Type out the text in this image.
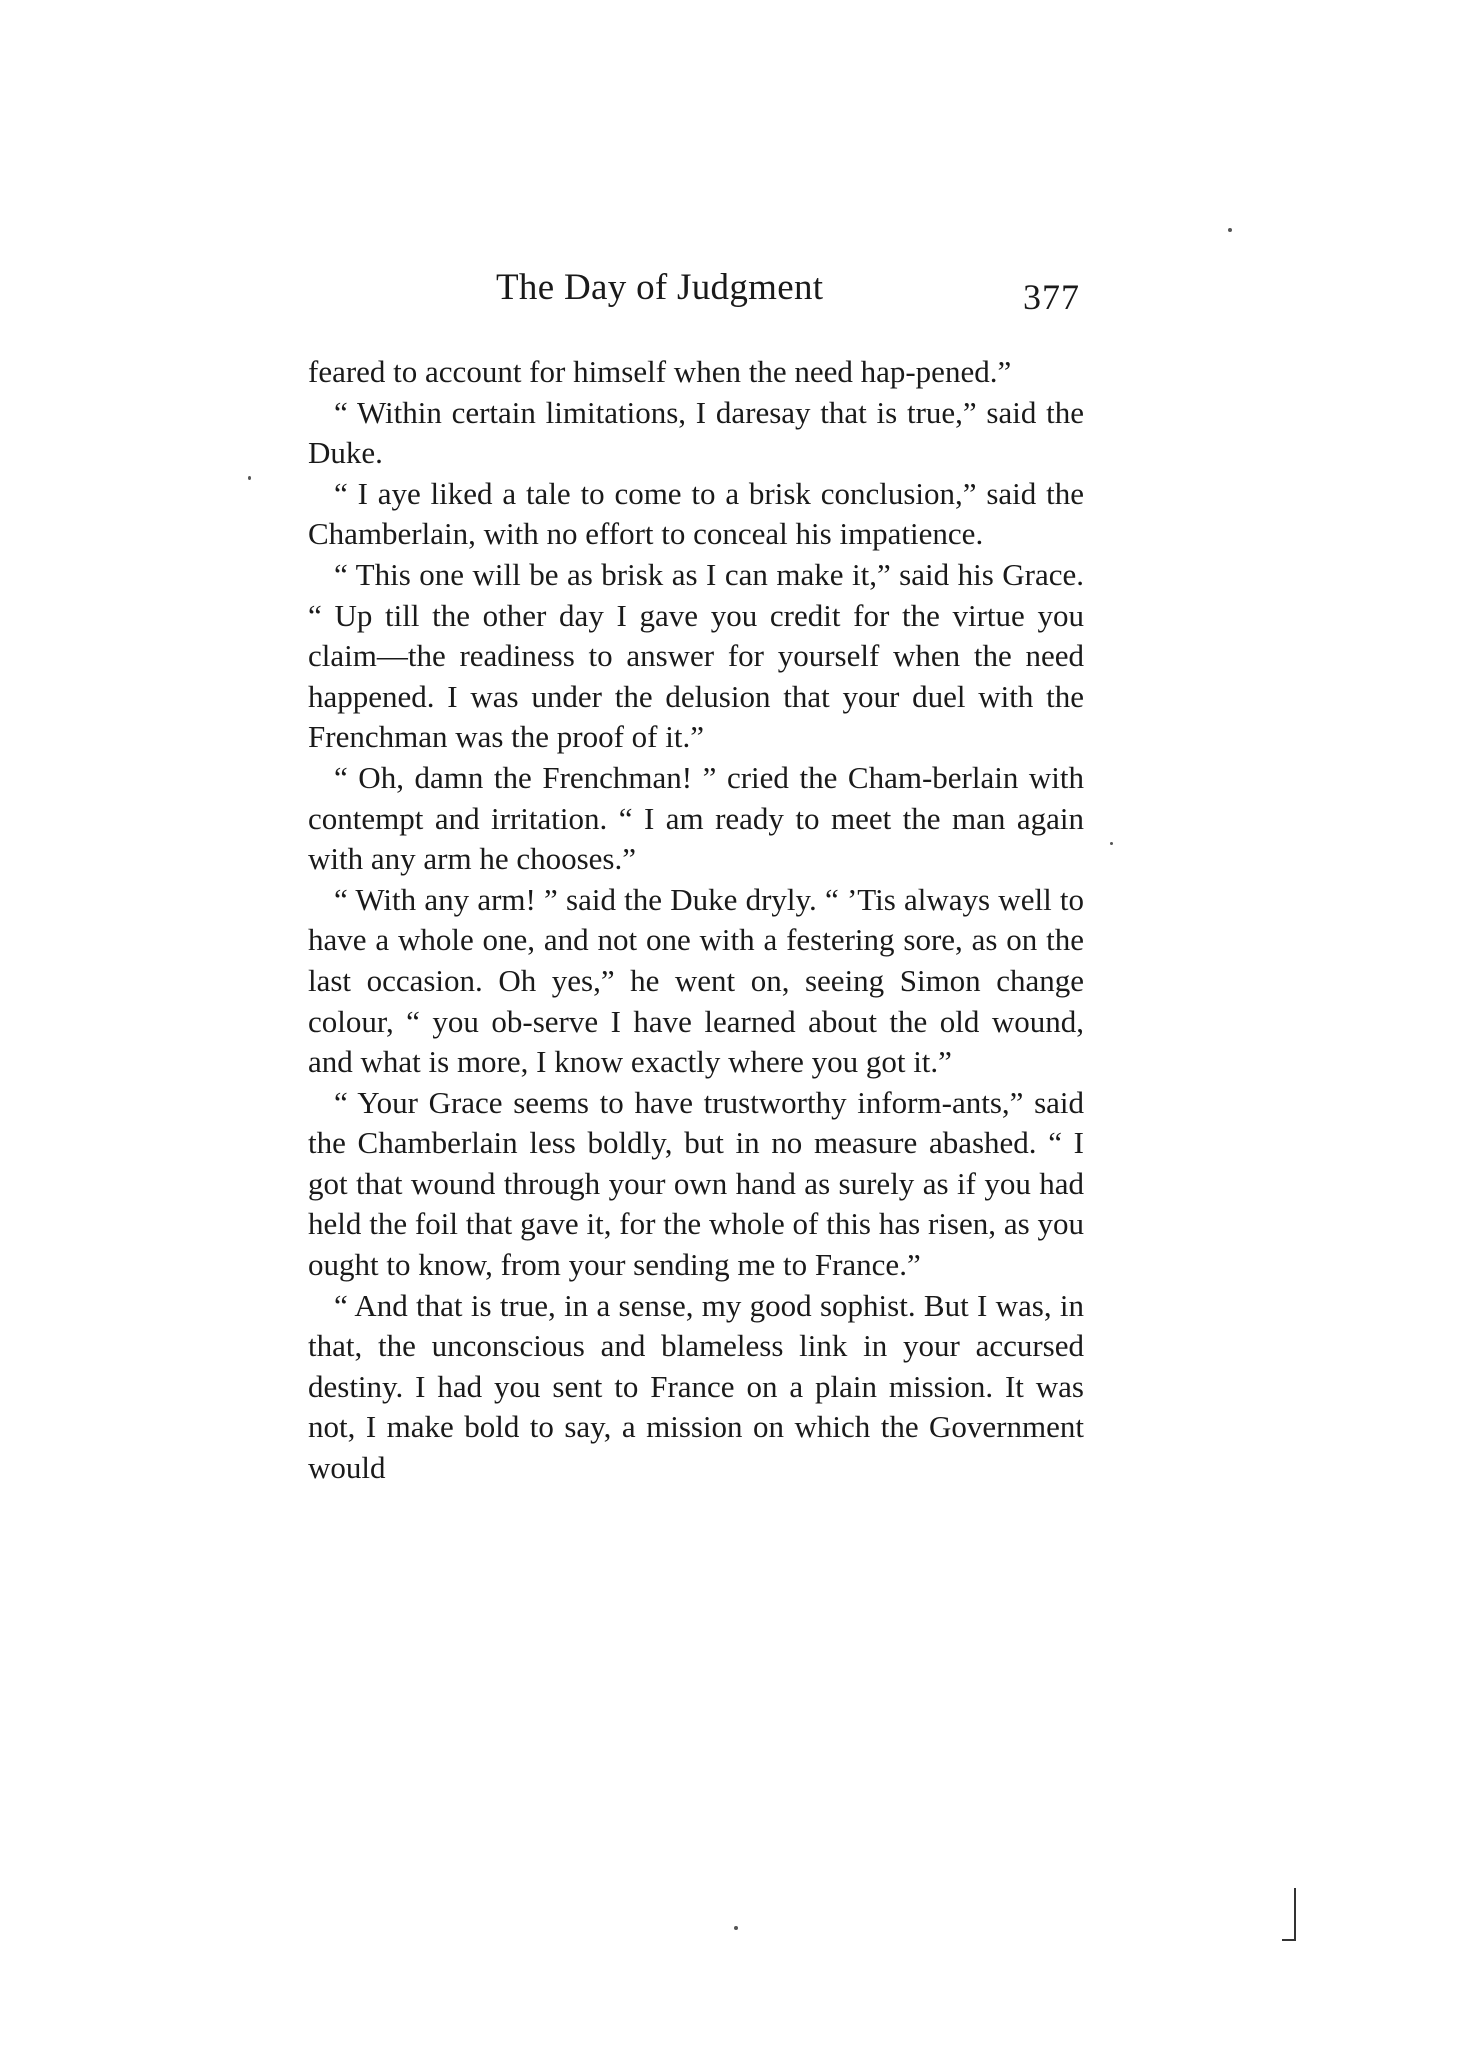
The Day of Judgment	377

feared to account for himself when the need hap-pened.”

“ Within certain limitations, I daresay that is true,” said the Duke.

“ I aye liked a tale to come to a brisk conclusion,” said the Chamberlain, with no effort to conceal his impatience.

“ This one will be as brisk as I can make it,” said his Grace. “ Up till the other day I gave you credit for the virtue you claim—the readiness to answer for yourself when the need happened. I was under the delusion that your duel with the Frenchman was the proof of it.”

“ Oh, damn the Frenchman! ” cried the Cham-berlain with contempt and irritation. “ I am ready to meet the man again with any arm he chooses.”

“ With any arm! ” said the Duke dryly. “ ’Tis always well to have a whole one, and not one with a festering sore, as on the last occasion. Oh yes,” he went on, seeing Simon change colour, “ you ob-serve I have learned about the old wound, and what is more, I know exactly where you got it.”

“ Your Grace seems to have trustworthy inform-ants,” said the Chamberlain less boldly, but in no measure abashed. “ I got that wound through your own hand as surely as if you had held the foil that gave it, for the whole of this has risen, as you ought to know, from your sending me to France.”

“ And that is true, in a sense, my good sophist. But I was, in that, the unconscious and blameless link in your accursed destiny. I had you sent to France on a plain mission. It was not, I make bold to say, a mission on which the Government would
